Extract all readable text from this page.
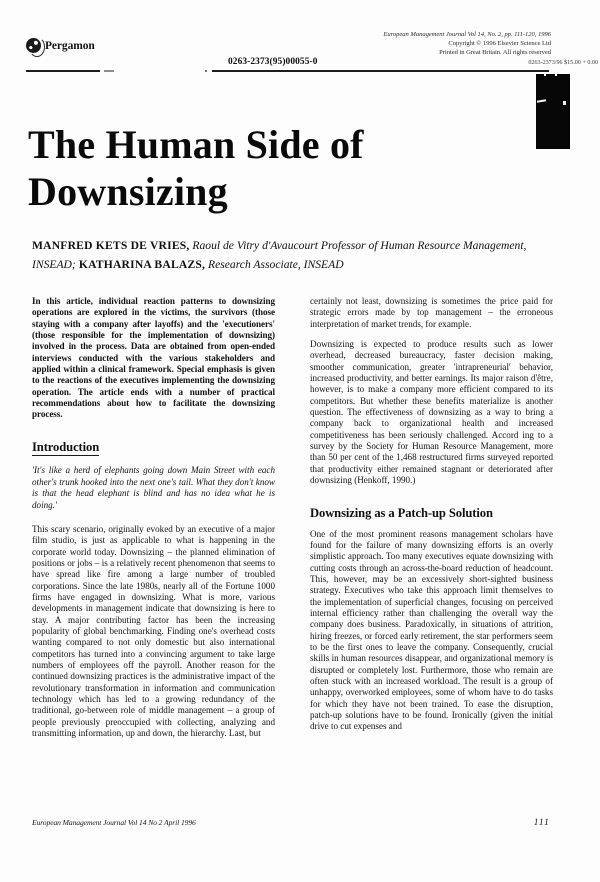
Pergamon
European Management Journal Vol 14, No. 2, pp. 111-120, 1996
Copyright © 1996 Elsevier Science Ltd
Printed in Great Britain. All rights reserved
0263-2373(95)00055-0	0263-2373/96 $15.00 + 0.00
The Human Side of Downsizing
MANFRED KETS DE VRIES, Raoul de Vitry d'Avaucourt Professor of Human Resource Management, INSEAD; KATHARINA BALAZS, Research Associate, INSEAD

In this article, individual reaction patterns to downsizing operations are explored in the victims, the survivors (those staying with a company after layoffs) and the 'executioners' (those responsible for the implementation of downsizing) involved in the process. Data are obtained from open-ended interviews conducted with the various stakeholders and applied within a clinical framework. Special emphasis is given to the reactions of the executives implementing the downsizing operation. The article ends with a number of practical recommendations about how to facilitate the downsizing process.

Introduction

'It's like a herd of elephants going down Main Street with each other's trunk hooked into the next one's tail. What they don't know is that the head elephant is blind and has no idea what he is doing.'

This scary scenario, originally evoked by an executive of a major film studio, is just as applicable to what is happening in the corporate world today. Downsizing – the planned elimination of positions or jobs – is a relatively recent phenomenon that seems to have spread like fire among a large number of troubled corporations. Since the late 1980s, nearly all of the Fortune 1000 firms have engaged in downsizing. What is more, various developments in management indicate that downsizing is here to stay. A major contributing factor has been the increasing popularity of global benchmarking. Finding one's overhead costs wanting compared to not only domestic but also international competitors has turned into a convincing argument to take large numbers of employees off the payroll. Another reason for the continued downsizing practices is the administrative impact of the revolutionary transformation in information and communication technology which has led to a growing redundancy of the traditional, go-between role of middle management – a group of people previously preoccupied with collecting, analyzing and transmitting information, up and down, the hierarchy. Last, but

certainly not least, downsizing is sometimes the price paid for strategic errors made by top management – the erroneous interpretation of market trends, for example.

Downsizing is expected to produce results such as lower overhead, decreased bureaucracy, faster decision making, smoother communication, greater 'intrapreneurial' behavior, increased productivity, and better earnings. Its major raison d'être, however, is to make a company more efficient compared to its competitors. But whether these benefits materialize is another question. The effectiveness of downsizing as a way to bring a company back to organizational health and increased competitiveness has been seriously challenged. Accord ing to a survey by the Society for Human Resource Management, more than 50 per cent of the 1,468 restructured firms surveyed reported that productivity either remained stagnant or deteriorated after downsizing (Henkoff, 1990.)

Downsizing as a Patch-up Solution

One of the most prominent reasons management scholars have found for the failure of many downsizing efforts is an overly simplistic approach. Too many executives equate downsizing with cutting costs through an across-the-board reduction of headcount. This, however, may be an excessively short-sighted business strategy. Executives who take this approach limit themselves to the implementation of superficial changes, focusing on perceived internal efficiency rather than challenging the overall way the company does business. Paradoxically, in situations of attrition, hiring freezes, or forced early retirement, the star performers seem to be the first ones to leave the company. Consequently, crucial skills in human resources disappear, and organizational memory is disrupted or completely lost. Furthermore, those who remain are often stuck with an increased workload. The result is a group of unhappy, overworked employees, some of whom have to do tasks for which they have not been trained. To ease the disruption, patch-up solutions have to be found. Ironically (given the initial drive to cut expenses and

European Management Journal Vol 14 No 2 April 1996	111
